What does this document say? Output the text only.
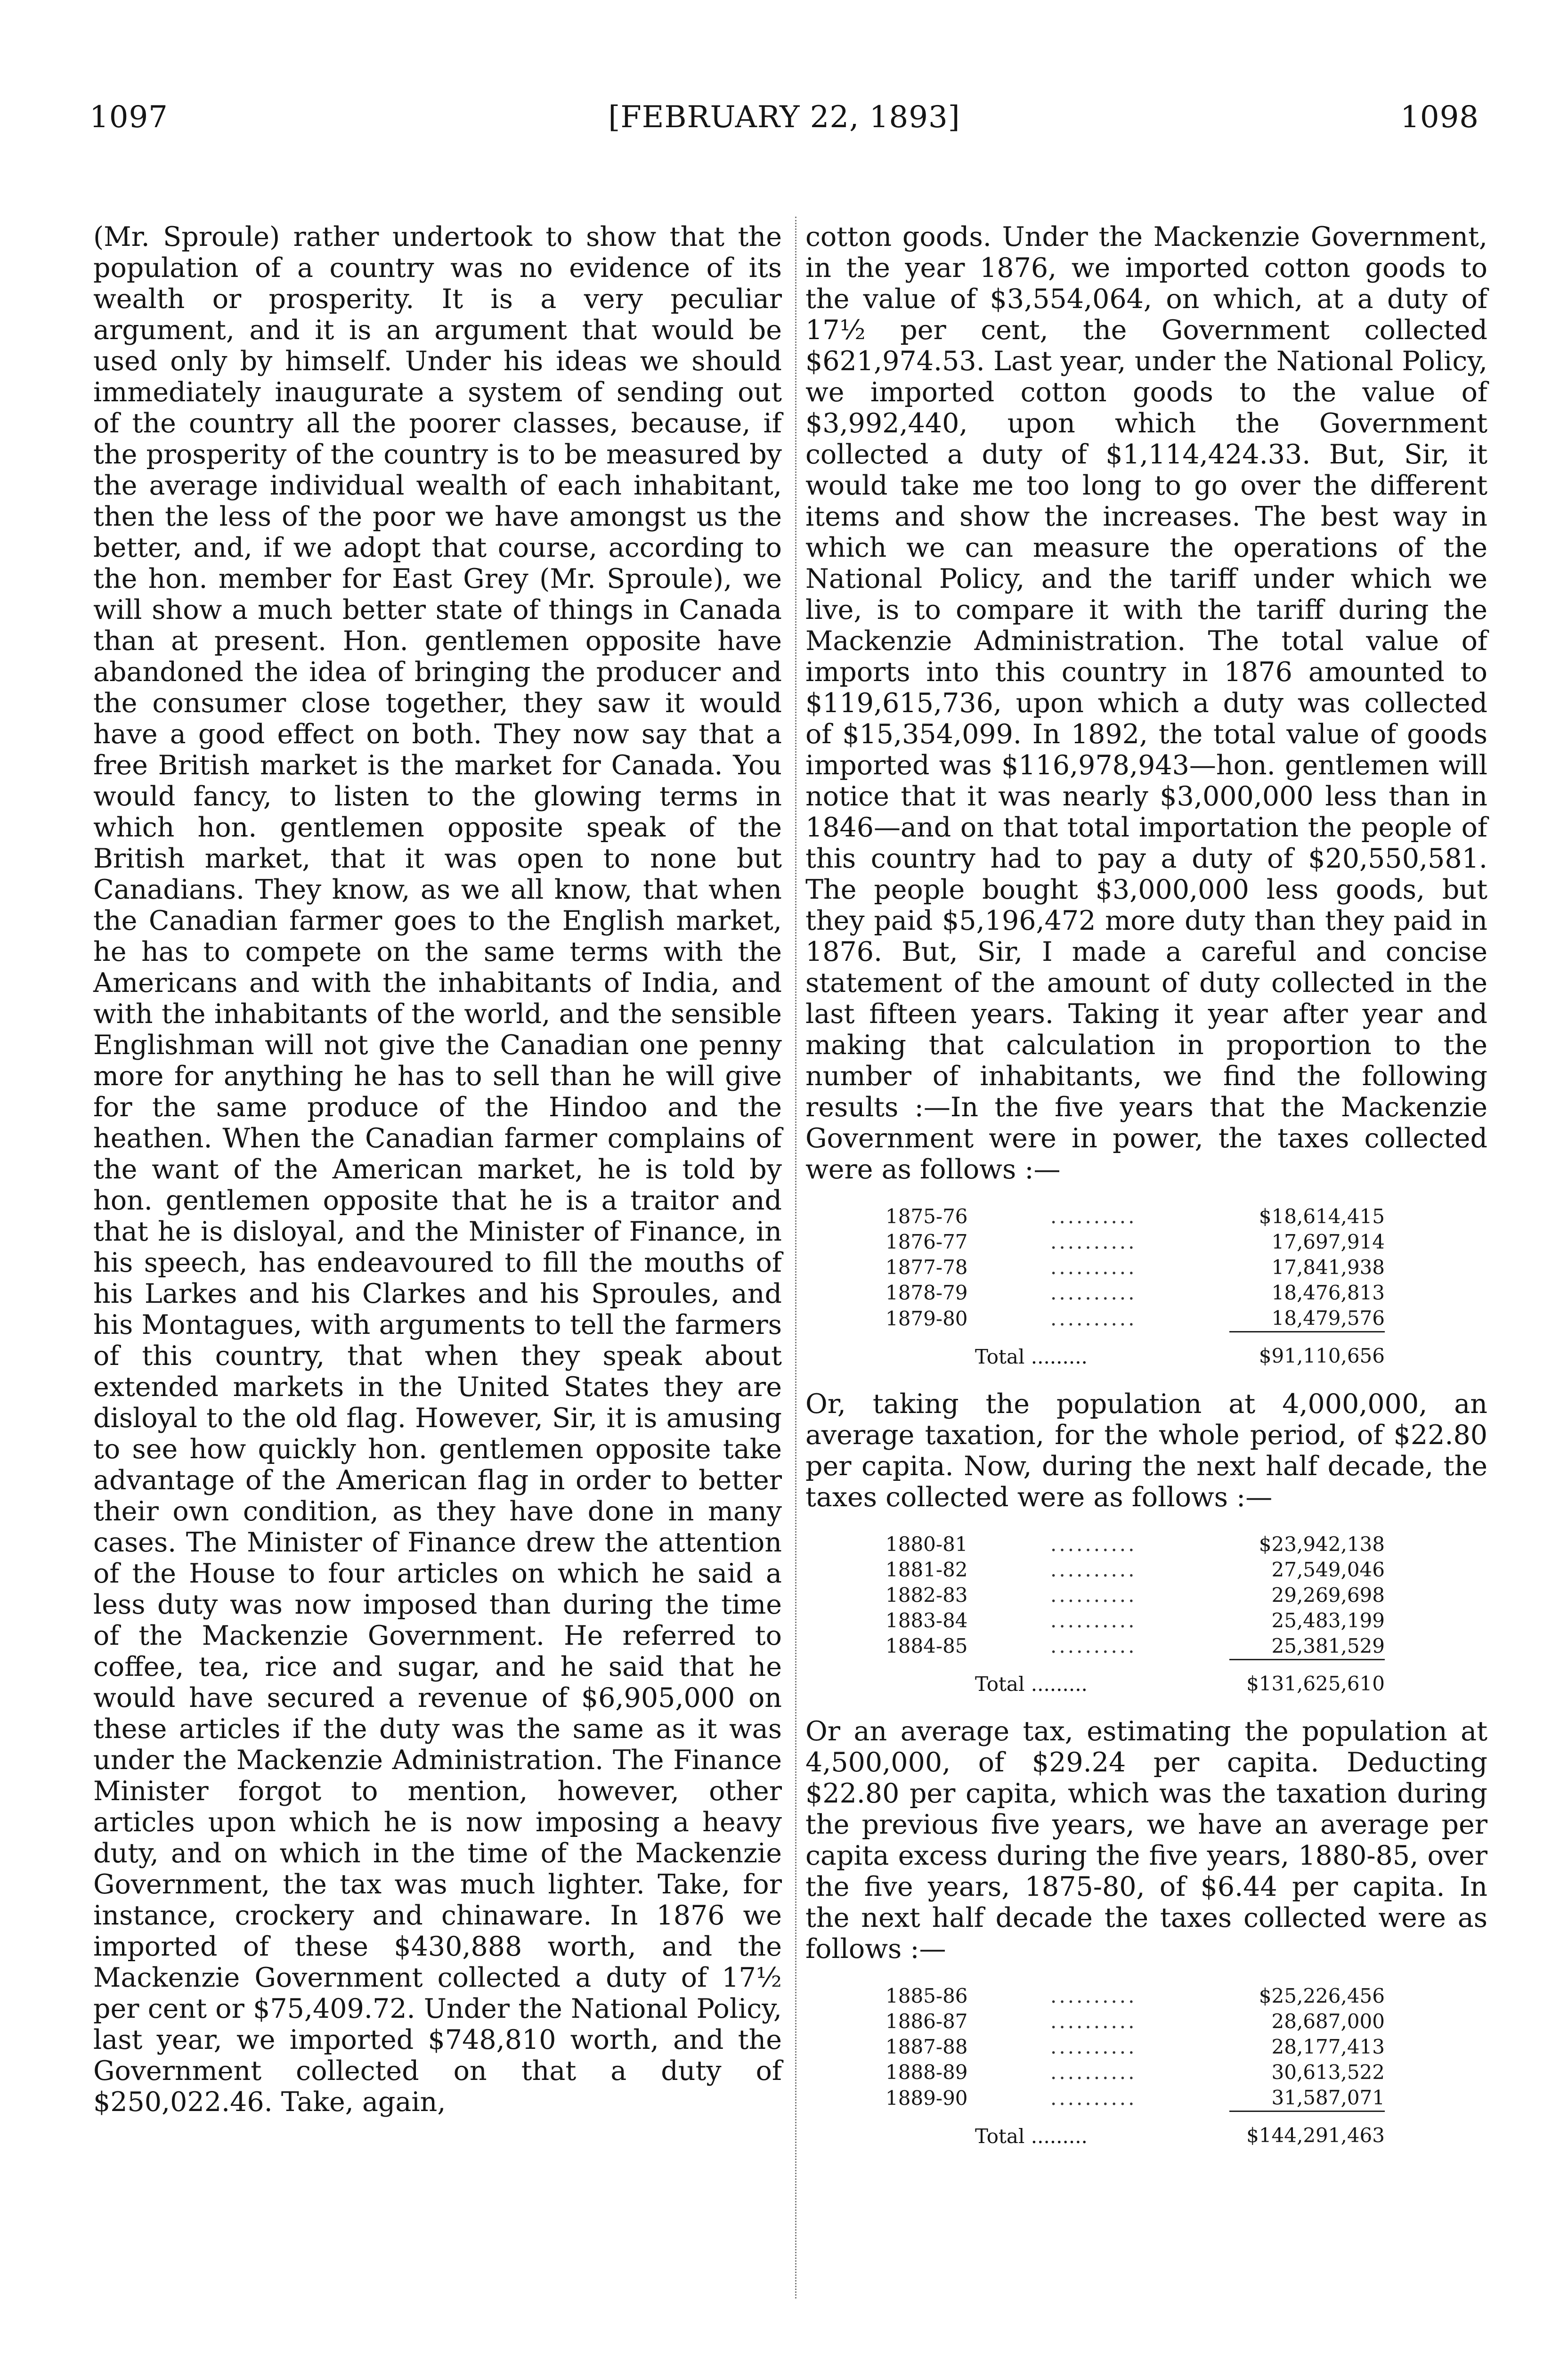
1097	[FEBRUARY 22, 1893]	1098

(Mr. Sproule) rather undertook to show that the population of a country was no evidence of its wealth or prosperity. It is a very peculiar argument, and it is an argument that would be used only by himself. Under his ideas we should immediately inaugurate a system of sending out of the country all the poorer classes, because, if the prosperity of the country is to be measured by the average individual wealth of each inhabitant, then the less of the poor we have amongst us the better, and, if we adopt that course, according to the hon. member for East Grey (Mr. Sproule), we will show a much better state of things in Canada than at present. Hon. gentlemen opposite have abandoned the idea of bringing the producer and the consumer close together, they saw it would have a good effect on both. They now say that a free British market is the market for Canada. You would fancy, to listen to the glowing terms in which hon. gentlemen opposite speak of the British market, that it was open to none but Canadians. They know, as we all know, that when the Canadian farmer goes to the English market, he has to compete on the same terms with the Americans and with the inhabitants of India, and with the inhabitants of the world, and the sensible Englishman will not give the Canadian one penny more for anything he has to sell than he will give for the same produce of the Hindoo and the heathen. When the Canadian farmer complains of the want of the American market, he is told by hon. gentlemen opposite that he is a traitor and that he is disloyal, and the Minister of Finance, in his speech, has endeavoured to fill the mouths of his Larkes and his Clarkes and his Sproules, and his Montagues, with arguments to tell the farmers of this country, that when they speak about extended markets in the United States they are disloyal to the old flag. However, Sir, it is amusing to see how quickly hon. gentlemen opposite take advantage of the American flag in order to better their own condition, as they have done in many cases. The Minister of Finance drew the attention of the House to four articles on which he said a less duty was now imposed than during the time of the Mackenzie Government. He referred to coffee, tea, rice and sugar, and he said that he would have secured a revenue of $6,905,000 on these articles if the duty was the same as it was under the Mackenzie Administration. The Finance Minister forgot to mention, however, other articles upon which he is now imposing a heavy duty, and on which in the time of the Mackenzie Government, the tax was much lighter. Take, for instance, crockery and chinaware. In 1876 we imported of these $430,888 worth, and the Mackenzie Government collected a duty of 17½ per cent or $75,409.72. Under the National Policy, last year, we imported $748,810 worth, and the Government collected on that a duty of $250,022.46. Take, again,

cotton goods. Under the Mackenzie Government, in the year 1876, we imported cotton goods to the value of $3,554,064, on which, at a duty of 17½ per cent, the Government collected $621,974.53. Last year, under the National Policy, we imported cotton goods to the value of $3,992,440, upon which the Government collected a duty of $1,114,424.33. But, Sir, it would take me too long to go over the different items and show the increases. The best way in which we can measure the operations of the National Policy, and the tariff under which we live, is to compare it with the tariff during the Mackenzie Administration. The total value of imports into this country in 1876 amounted to $119,615,736, upon which a duty was collected of $15,354,099. In 1892, the total value of goods imported was $116,978,943—hon. gentlemen will notice that it was nearly $3,000,000 less than in 1846—and on that total importation the people of this country had to pay a duty of $20,550,581. The people bought $3,000,000 less goods, but they paid $5,196,472 more duty than they paid in 1876. But, Sir, I made a careful and concise statement of the amount of duty collected in the last fifteen years. Taking it year after year and making that calculation in proportion to the number of inhabitants, we find the following results :—In the five years that the Mackenzie Government were in power, the taxes collected were as follows :—

1875-76	..........	$18,614,415
1876-77	..........	17,697,914
1877-78	..........	17,841,938
1878-79	..........	18,476,813
1879-80	..........	18,479,576
Total .........		$91,110,656

Or, taking the population at 4,000,000, an average taxation, for the whole period, of $22.80 per capita. Now, during the next half decade, the taxes collected were as follows :—

1880-81	..........	$23,942,138
1881-82	..........	27,549,046
1882-83	..........	29,269,698
1883-84	..........	25,483,199
1884-85	..........	25,381,529
Total .........		$131,625,610

Or an average tax, estimating the population at 4,500,000, of $29.24 per capita. Deducting $22.80 per capita, which was the taxation during the previous five years, we have an average per capita excess during the five years, 1880-85, over the five years, 1875-80, of $6.44 per capita. In the next half decade the taxes collected were as follows :—

1885-86	..........	$25,226,456
1886-87	..........	28,687,000
1887-88	..........	28,177,413
1888-89	..........	30,613,522
1889-90	..........	31,587,071
Total .........		$144,291,463
